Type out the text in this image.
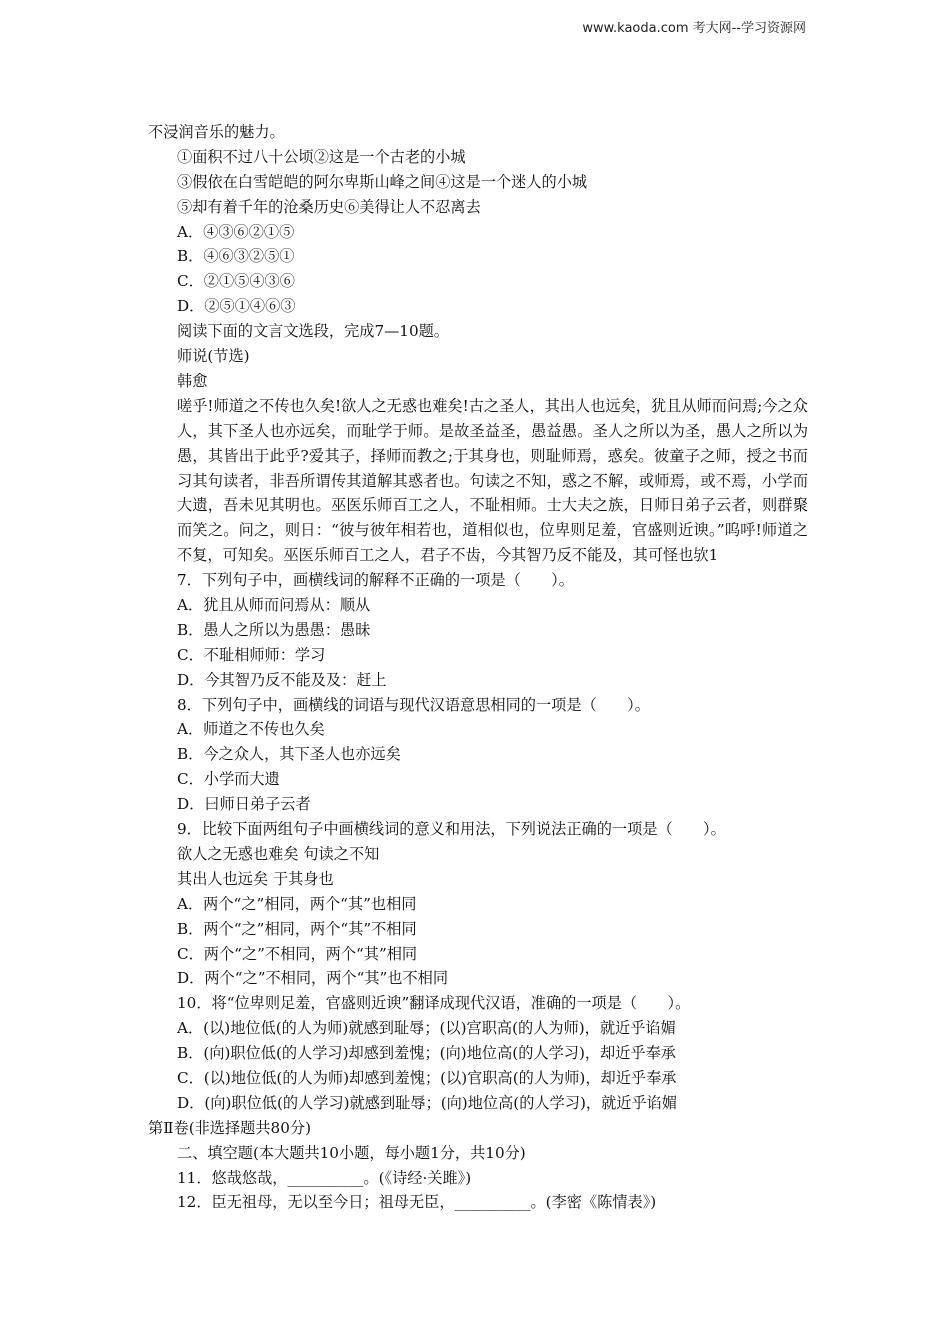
www.kaoda.com 考大网--学习资源网
不浸润音乐的魅力。
①面积不过八十公顷②这是一个古老的小城
③假依在白雪皑皑的阿尔卑斯山峰之间④这是一个迷人的小城
⑤却有着千年的沧桑历史⑥美得让人不忍离去
A．④③⑥②①⑤
B．④⑥③②⑤①
C．②①⑤④③⑥
D．②⑤①④⑥③
阅读下面的文言文选段，完成7—10题。
师说(节选)
韩愈
嗟乎!师道之不传也久矣!欲人之无惑也难矣!古之圣人，其出人也远矣，犹且从师而问焉;今之众人，其下圣人也亦远矣，而耻学于师。是故圣益圣，愚益愚。圣人之所以为圣，愚人之所以为愚，其皆出于此乎?爱其子，择师而教之;于其身也，则耻师焉，惑矣。彼童子之师，授之书而习其句读者，非吾所谓传其道解其惑者也。句读之不知，惑之不解，或师焉，或不焉，小学而大遗，吾未见其明也。巫医乐师百工之人，不耻相师。士大夫之族，日师日弟子云者，则群聚而笑之。问之，则日：“彼与彼年相若也，道相似也，位卑则足羞，官盛则近谀。”呜呼!师道之不复，可知矣。巫医乐师百工之人，君子不齿，今其智乃反不能及，其可怪也欤1
7．下列句子中，画横线词的解释不正确的一项是（　　）。
A．犹且从师而问焉从：顺从
B．愚人之所以为愚愚：愚昧
C．不耻相师师：学习
D．今其智乃反不能及及：赶上
8．下列句子中，画横线的词语与现代汉语意思相同的一项是（　　）。
A．师道之不传也久矣
B．今之众人，其下圣人也亦远矣
C．小学而大遗
D．曰师日弟子云者
9．比较下面两组句子中画横线词的意义和用法，下列说法正确的一项是（　　）。
欲人之无惑也难矣 句读之不知
其出人也远矣 于其身也
A．两个“之”相同，两个“其”也相同
B．两个“之”相同，两个“其”不相同
C．两个“之”不相同，两个“其”相同
D．两个“之”不相同，两个“其”也不相同
10．将“位卑则足羞，官盛则近谀”翻译成现代汉语，准确的一项是（　　）。
A．(以)地位低(的人为师)就感到耻辱；(以)宫职高(的人为师)，就近乎谄媚
B．(向)职位低(的人学习)却感到羞愧；(向)地位高(的人学习)，却近乎奉承
C．(以)地位低(的人为师)却感到羞愧；(以)官职高(的人为师)，却近乎奉承
D．(向)职位低(的人学习)就感到耻辱；(向)地位高(的人学习)，就近乎谄媚
第Ⅱ卷(非选择题共80分)
二、填空题(本大题共10小题，每小题1分，共10分)
11．悠哉悠哉，__________。(《诗经·关雎》)
12．臣无祖母，无以至今日；祖母无臣，__________。(李密《陈情表》)
